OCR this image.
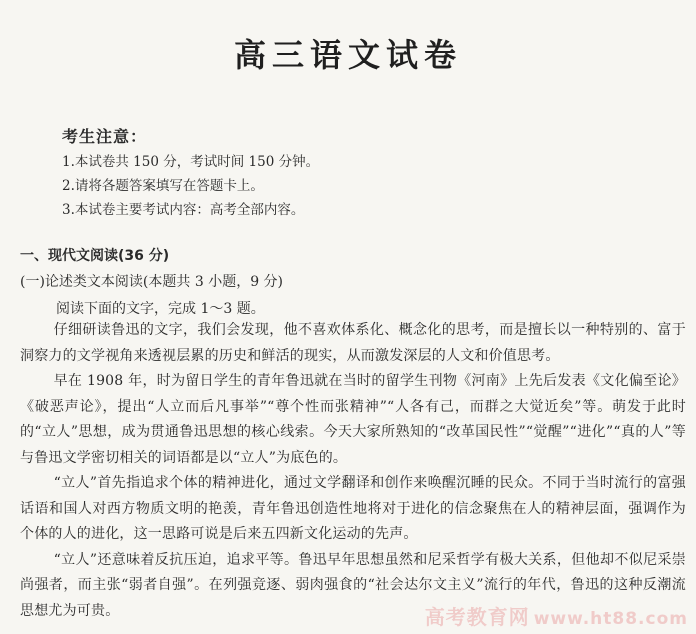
高三语文试卷
考生注意：
1.本试卷共 150 分，考试时间 150 分钟。
2.请将各题答案填写在答题卡上。
3.本试卷主要考试内容：高考全部内容。
一、现代文阅读(36 分)
(一)论述类文本阅读(本题共 3 小题，9 分)
阅读下面的文字，完成 1～3 题。

仔细研读鲁迅的文字，我们会发现，他不喜欢体系化、概念化的思考，而是擅长以一种特别的、富于洞察力的文学视角来透视层累的历史和鲜活的现实，从而激发深层的人文和价值思考。

早在 1908 年，时为留日学生的青年鲁迅就在当时的留学生刊物《河南》上先后发表《文化偏至论》《破恶声论》，提出“人立而后凡事举”“尊个性而张精神”“人各有己，而群之大觉近矣”等。萌发于此时的“立人”思想，成为贯通鲁迅思想的核心线索。今天大家所熟知的“改革国民性”“觉醒”“进化”“真的人”等与鲁迅文学密切相关的词语都是以“立人”为底色的。

“立人”首先指追求个体的精神进化，通过文学翻译和创作来唤醒沉睡的民众。不同于当时流行的富强话语和国人对西方物质文明的艳羡，青年鲁迅创造性地将对于进化的信念聚焦在人的精神层面，强调作为个体的人的进化，这一思路可说是后来五四新文化运动的先声。

“立人”还意味着反抗压迫，追求平等。鲁迅早年思想虽然和尼采哲学有极大关系，但他却不似尼采崇尚强者，而主张“弱者自强”。在列强竞逐、弱肉强食的“社会达尔文主义”流行的年代，鲁迅的这种反潮流思想尤为可贵。	高考教育网 www.ht88.com
